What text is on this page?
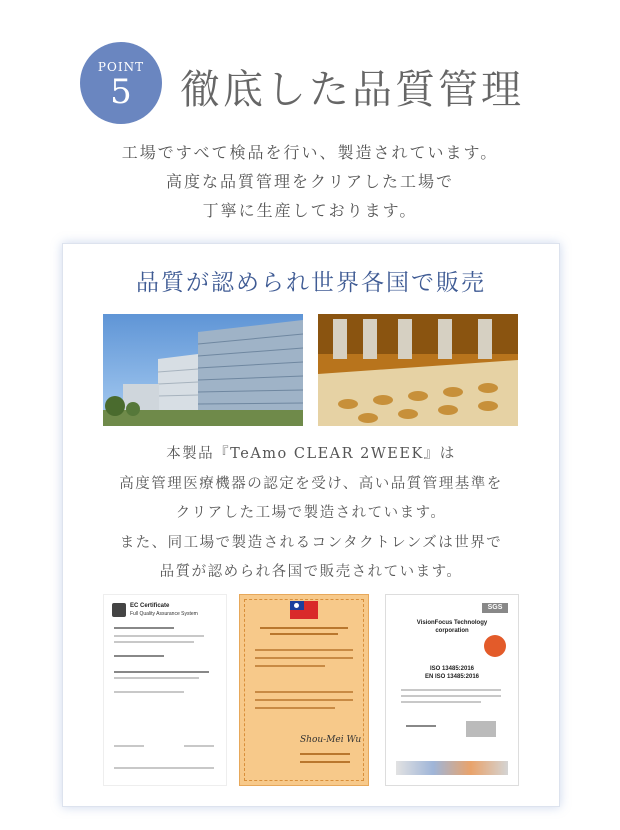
POINT
5	徹底した品質管理
工場ですべて検品を行い、製造されています。
高度な品質管理をクリアした工場で
丁寧に生産しております。
品質が認められ世界各国で販売
本製品『TeAmo CLEAR 2WEEK』は
高度管理医療機器の認定を受け、高い品質管理基準を
クリアした工場で製造されています。
また、同工場で製造されるコンタクトレンズは世界で
品質が認められ各国で販売されています。
EC Certificate
Full Quality Assurance System
Shou-Mei Wu
SGS
VisionFocus Technology
corporation
ISO 13485:2016
EN ISO 13485:2016
